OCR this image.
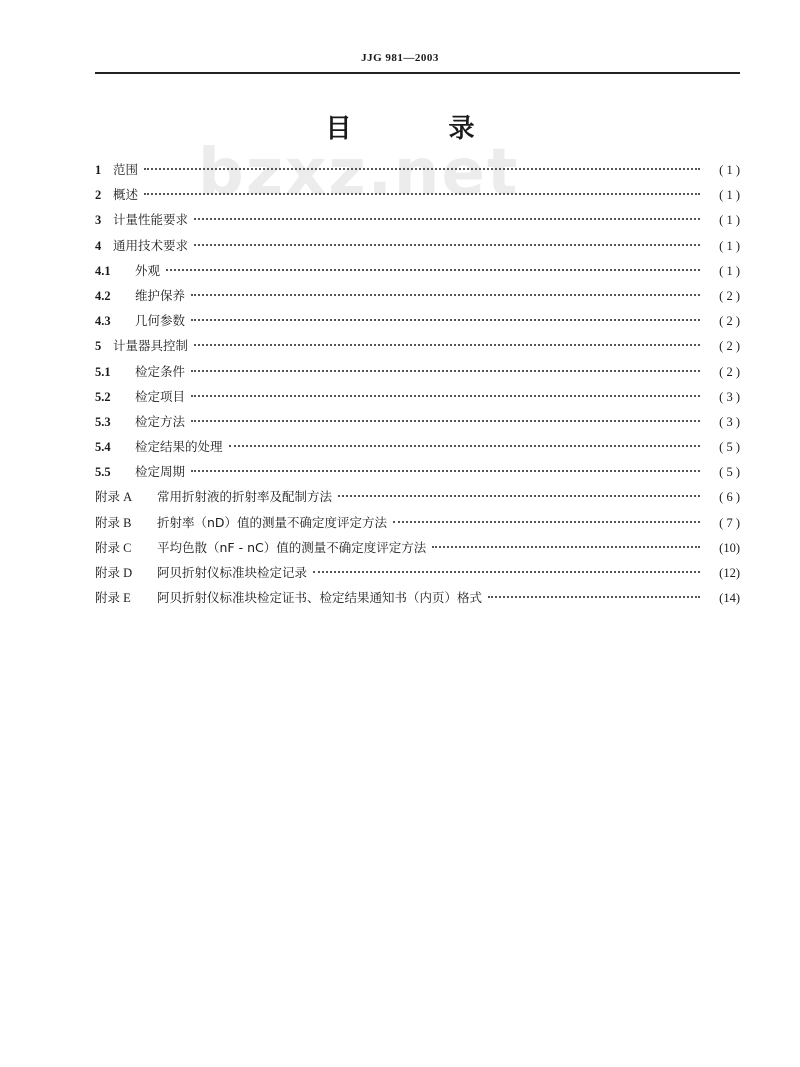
JJG 981—2003
bzxz.net
目 录
1 范围	( 1 )
2 概述	( 1 )
3 计量性能要求	( 1 )
4 通用技术要求	( 1 )
4.1	外观	( 1 )
4.2	维护保养	( 2 )
4.3	几何参数	( 2 )
5 计量器具控制	( 2 )
5.1	检定条件	( 2 )
5.2	检定项目	( 3 )
5.3	检定方法	( 3 )
5.4	检定结果的处理	( 5 )
5.5	检定周期	( 5 )
附录 A	常用折射液的折射率及配制方法	( 6 )
附录 B	折射率（nD）值的测量不确定度评定方法	( 7 )
附录 C	平均色散（nF - nC）值的测量不确定度评定方法	(10)
附录 D	阿贝折射仪标准块检定记录	(12)
附录 E	阿贝折射仪标准块检定证书、检定结果通知书（内页）格式	(14)
